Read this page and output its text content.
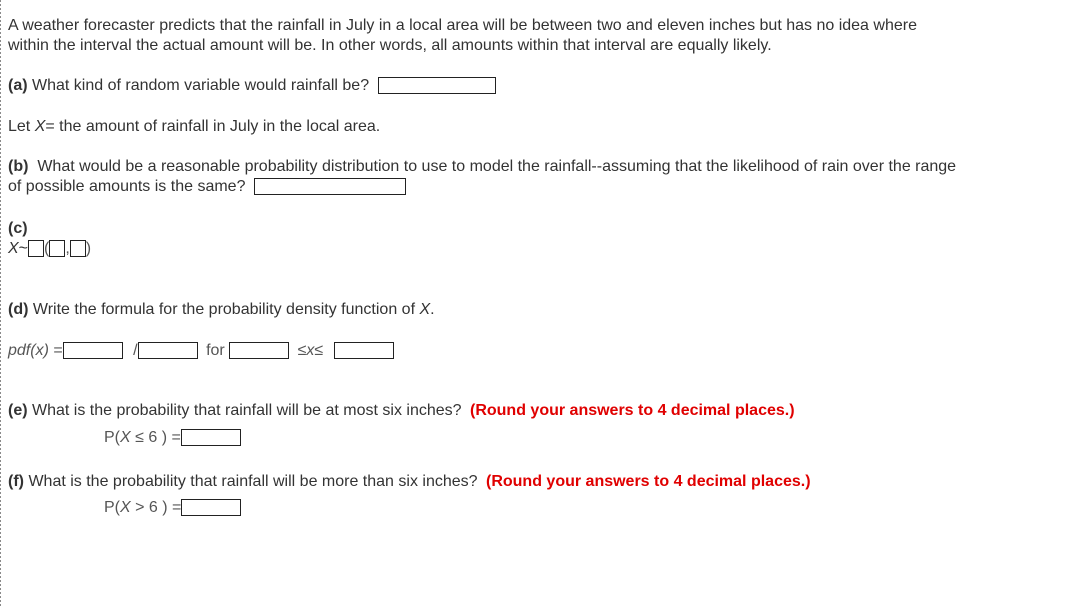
A weather forecaster predicts that the rainfall in July in a local area will be between two and eleven inches but has no idea where
within the interval the actual amount will be. In other words, all amounts within that interval are equally likely.
(a) What kind of random variable would rainfall be?
Let X= the amount of rainfall in July in the local area.
(b) What would be a reasonable probability distribution to use to model the rainfall--assuming that the likelihood of rain over the range
of possible amounts is the same?
(c)
X~ ( , )
(d) Write the formula for the probability density function of X.
pdf(x) =	/	for	≤x≤
(e) What is the probability that rainfall will be at most six inches? (Round your answers to 4 decimal places.)
P(X ≤ 6 ) =
(f) What is the probability that rainfall will be more than six inches? (Round your answers to 4 decimal places.)
P(X > 6 ) =
